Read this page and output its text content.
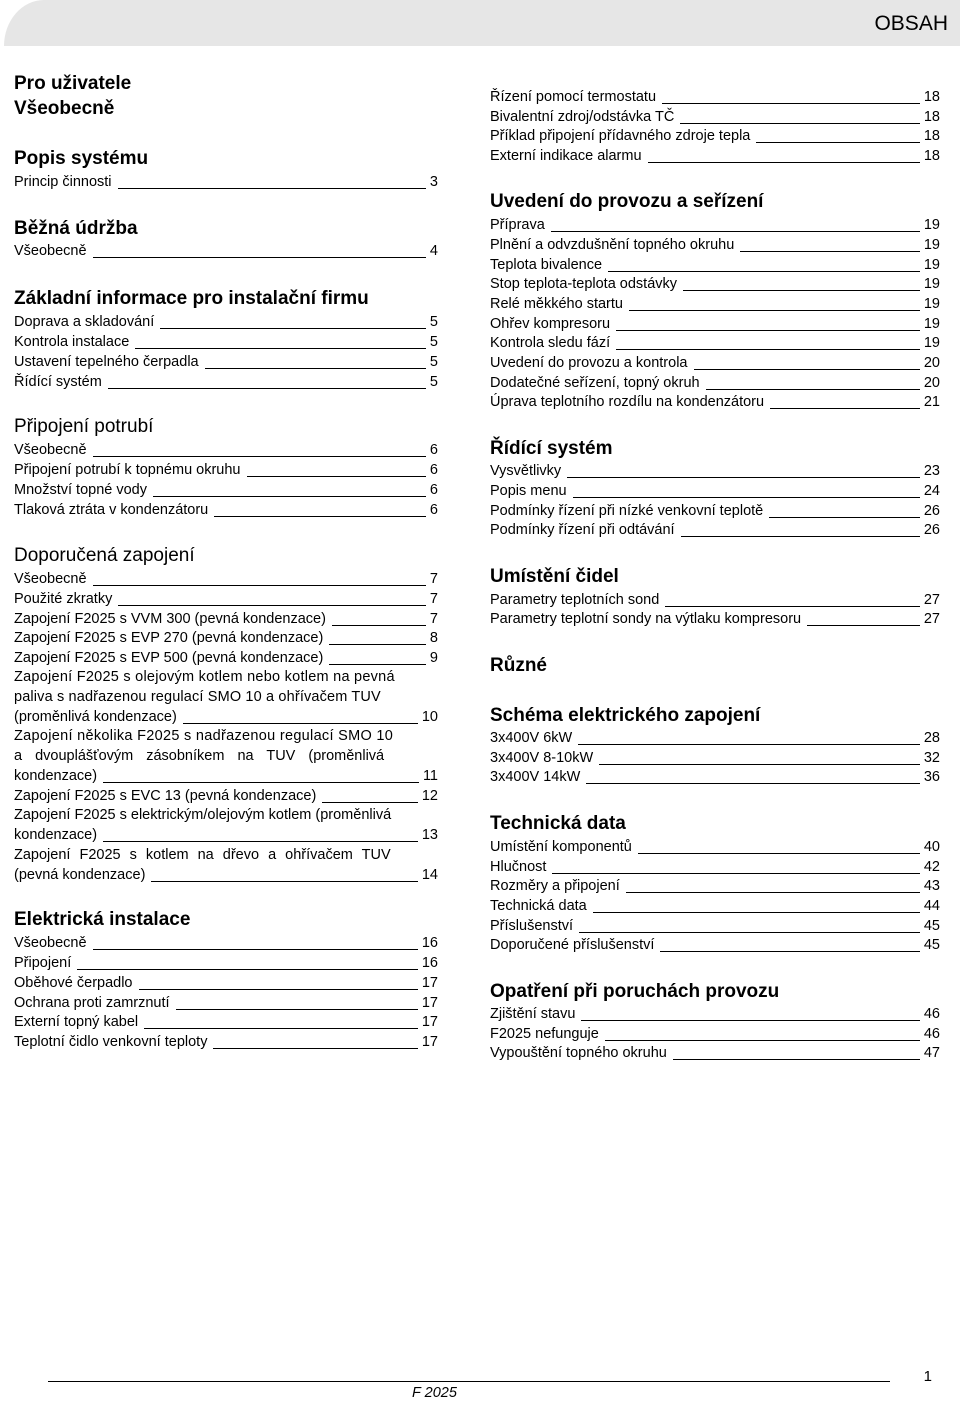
OBSAH
Pro uživatele
Všeobecně
Popis systému
Princip činnosti	3
Běžná údržba
Všeobecně	4
Základní informace pro instalační firmu
Doprava a skladování	5
Kontrola instalace	5
Ustavení tepelného čerpadla	5
Řídící systém	5
Připojení potrubí
Všeobecně	6
Připojení potrubí k topnému okruhu	6
Množství topné vody	6
Tlaková ztráta v kondenzátoru	6
Doporučená zapojení
Všeobecně	7
Použité zkratky	7
Zapojení F2025 s VVM 300 (pevná kondenzace)	7
Zapojení F2025 s EVP 270 (pevná kondenzace)	8
Zapojení F2025 s EVP 500 (pevná kondenzace)	9
Zapojení F2025 s olejovým kotlem nebo kotlem na pevná
paliva s nadřazenou regulací SMO 10 a ohřívačem TUV
(proměnlivá kondenzace)	10
Zapojení několika F2025 s nadřazenou regulací SMO 10
a dvouplášťovým zásobníkem na TUV (proměnlivá
kondenzace)	11
Zapojení F2025 s EVC 13 (pevná kondenzace)	12
Zapojení F2025 s elektrickým/olejovým kotlem (proměnlivá
kondenzace)	13
Zapojení F2025 s kotlem na dřevo a ohřívačem TUV
(pevná kondenzace)	14
Elektrická instalace
Všeobecně	16
Připojení	16
Oběhové čerpadlo	17
Ochrana proti zamrznutí	17
Externí topný kabel	17
Teplotní čidlo venkovní teploty	17
Řízení pomocí termostatu	18
Bivalentní zdroj/odstávka TČ	18
Příklad připojení přídavného zdroje tepla	18
Externí indikace alarmu	18
Uvedení do provozu a seřízení
Příprava	19
Plnění a odvzdušnění topného okruhu	19
Teplota bivalence	19
Stop teplota-teplota odstávky	19
Relé měkkého startu	19
Ohřev kompresoru	19
Kontrola sledu fází	19
Uvedení do provozu a kontrola	20
Dodatečné seřízení, topný okruh	20
Úprava teplotního rozdílu na kondenzátoru	21
Řídící systém
Vysvětlivky	23
Popis menu	24
Podmínky řízení při nízké venkovní teplotě	26
Podmínky řízení při odtávání	26
Umístění čidel
Parametry teplotních sond	27
Parametry teplotní sondy na výtlaku kompresoru	27
Různé
Schéma elektrického zapojení
3x400V 6kW	28
3x400V 8-10kW	32
3x400V 14kW	36
Technická data
Umístění komponentů	40
Hlučnost	42
Rozměry a připojení	43
Technická data	44
Příslušenství	45
Doporučené příslušenství	45
Opatření při poruchách provozu
Zjištění stavu	46
F2025 nefunguje	46
Vypouštění topného okruhu	47
F 2025
1
